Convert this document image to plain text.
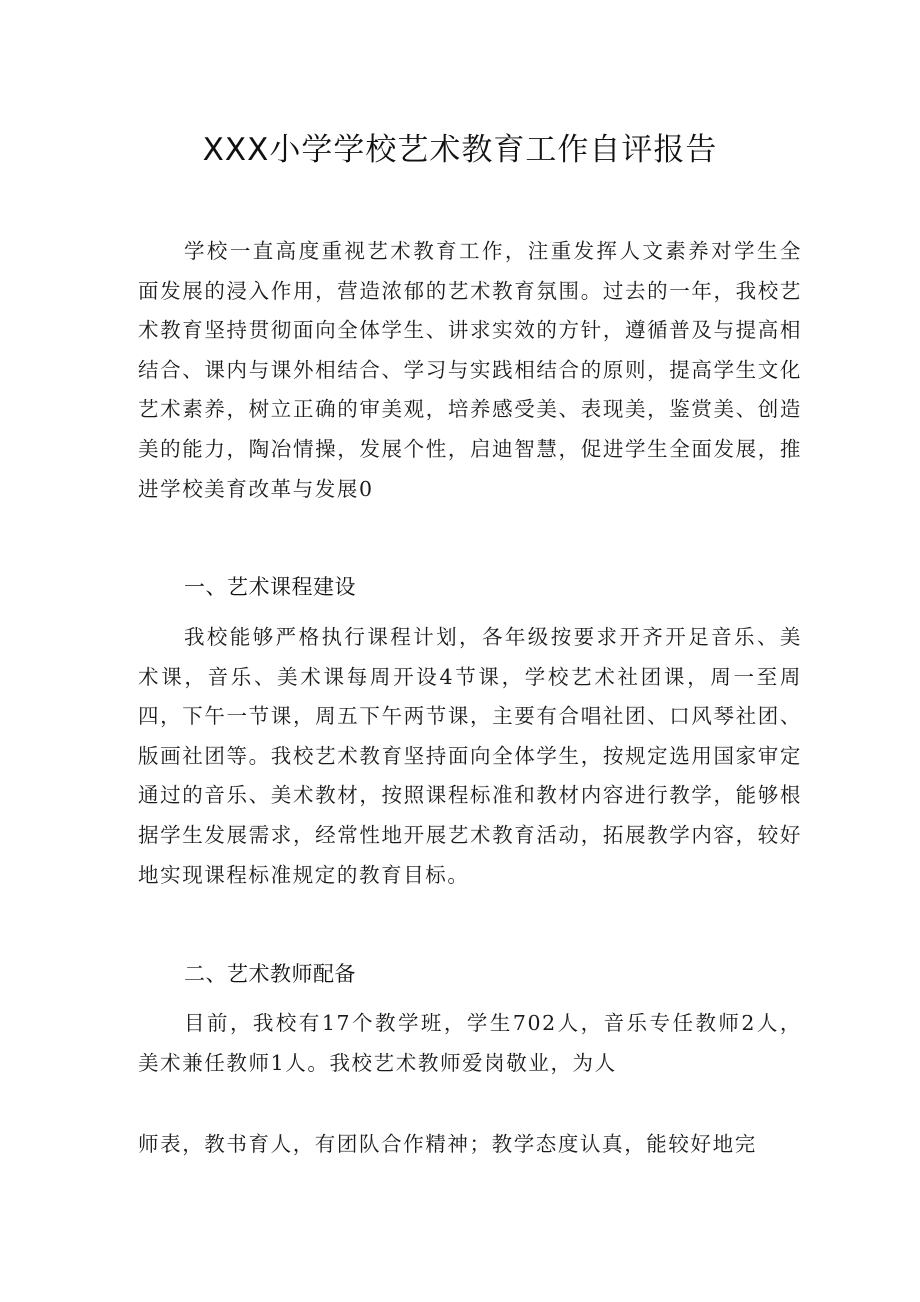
XXX小学学校艺术教育工作自评报告

学校一直高度重视艺术教育工作，注重发挥人文素养对学生全面发展的浸入作用，营造浓郁的艺术教育氛围。过去的一年，我校艺术教育坚持贯彻面向全体学生、讲求实效的方针，遵循普及与提高相结合、课内与课外相结合、学习与实践相结合的原则，提高学生文化艺术素养，树立正确的审美观，培养感受美、表现美，鉴赏美、创造美的能力，陶冶情操，发展个性，启迪智慧，促进学生全面发展，推进学校美育改革与发展0

一、艺术课程建设

我校能够严格执行课程计划，各年级按要求开齐开足音乐、美术课，音乐、美术课每周开设4节课，学校艺术社团课，周一至周四，下午一节课，周五下午两节课，主要有合唱社团、口风琴社团、版画社团等。我校艺术教育坚持面向全体学生，按规定选用国家审定通过的音乐、美术教材，按照课程标准和教材内容进行教学，能够根据学生发展需求，经常性地开展艺术教育活动，拓展教学内容，较好地实现课程标准规定的教育目标。

二、艺术教师配备

目前，我校有17个教学班，学生702人，音乐专任教师2人，美术兼任教师1人。我校艺术教师爱岗敬业，为人

师表，教书育人，有团队合作精神；教学态度认真，能较好地完
